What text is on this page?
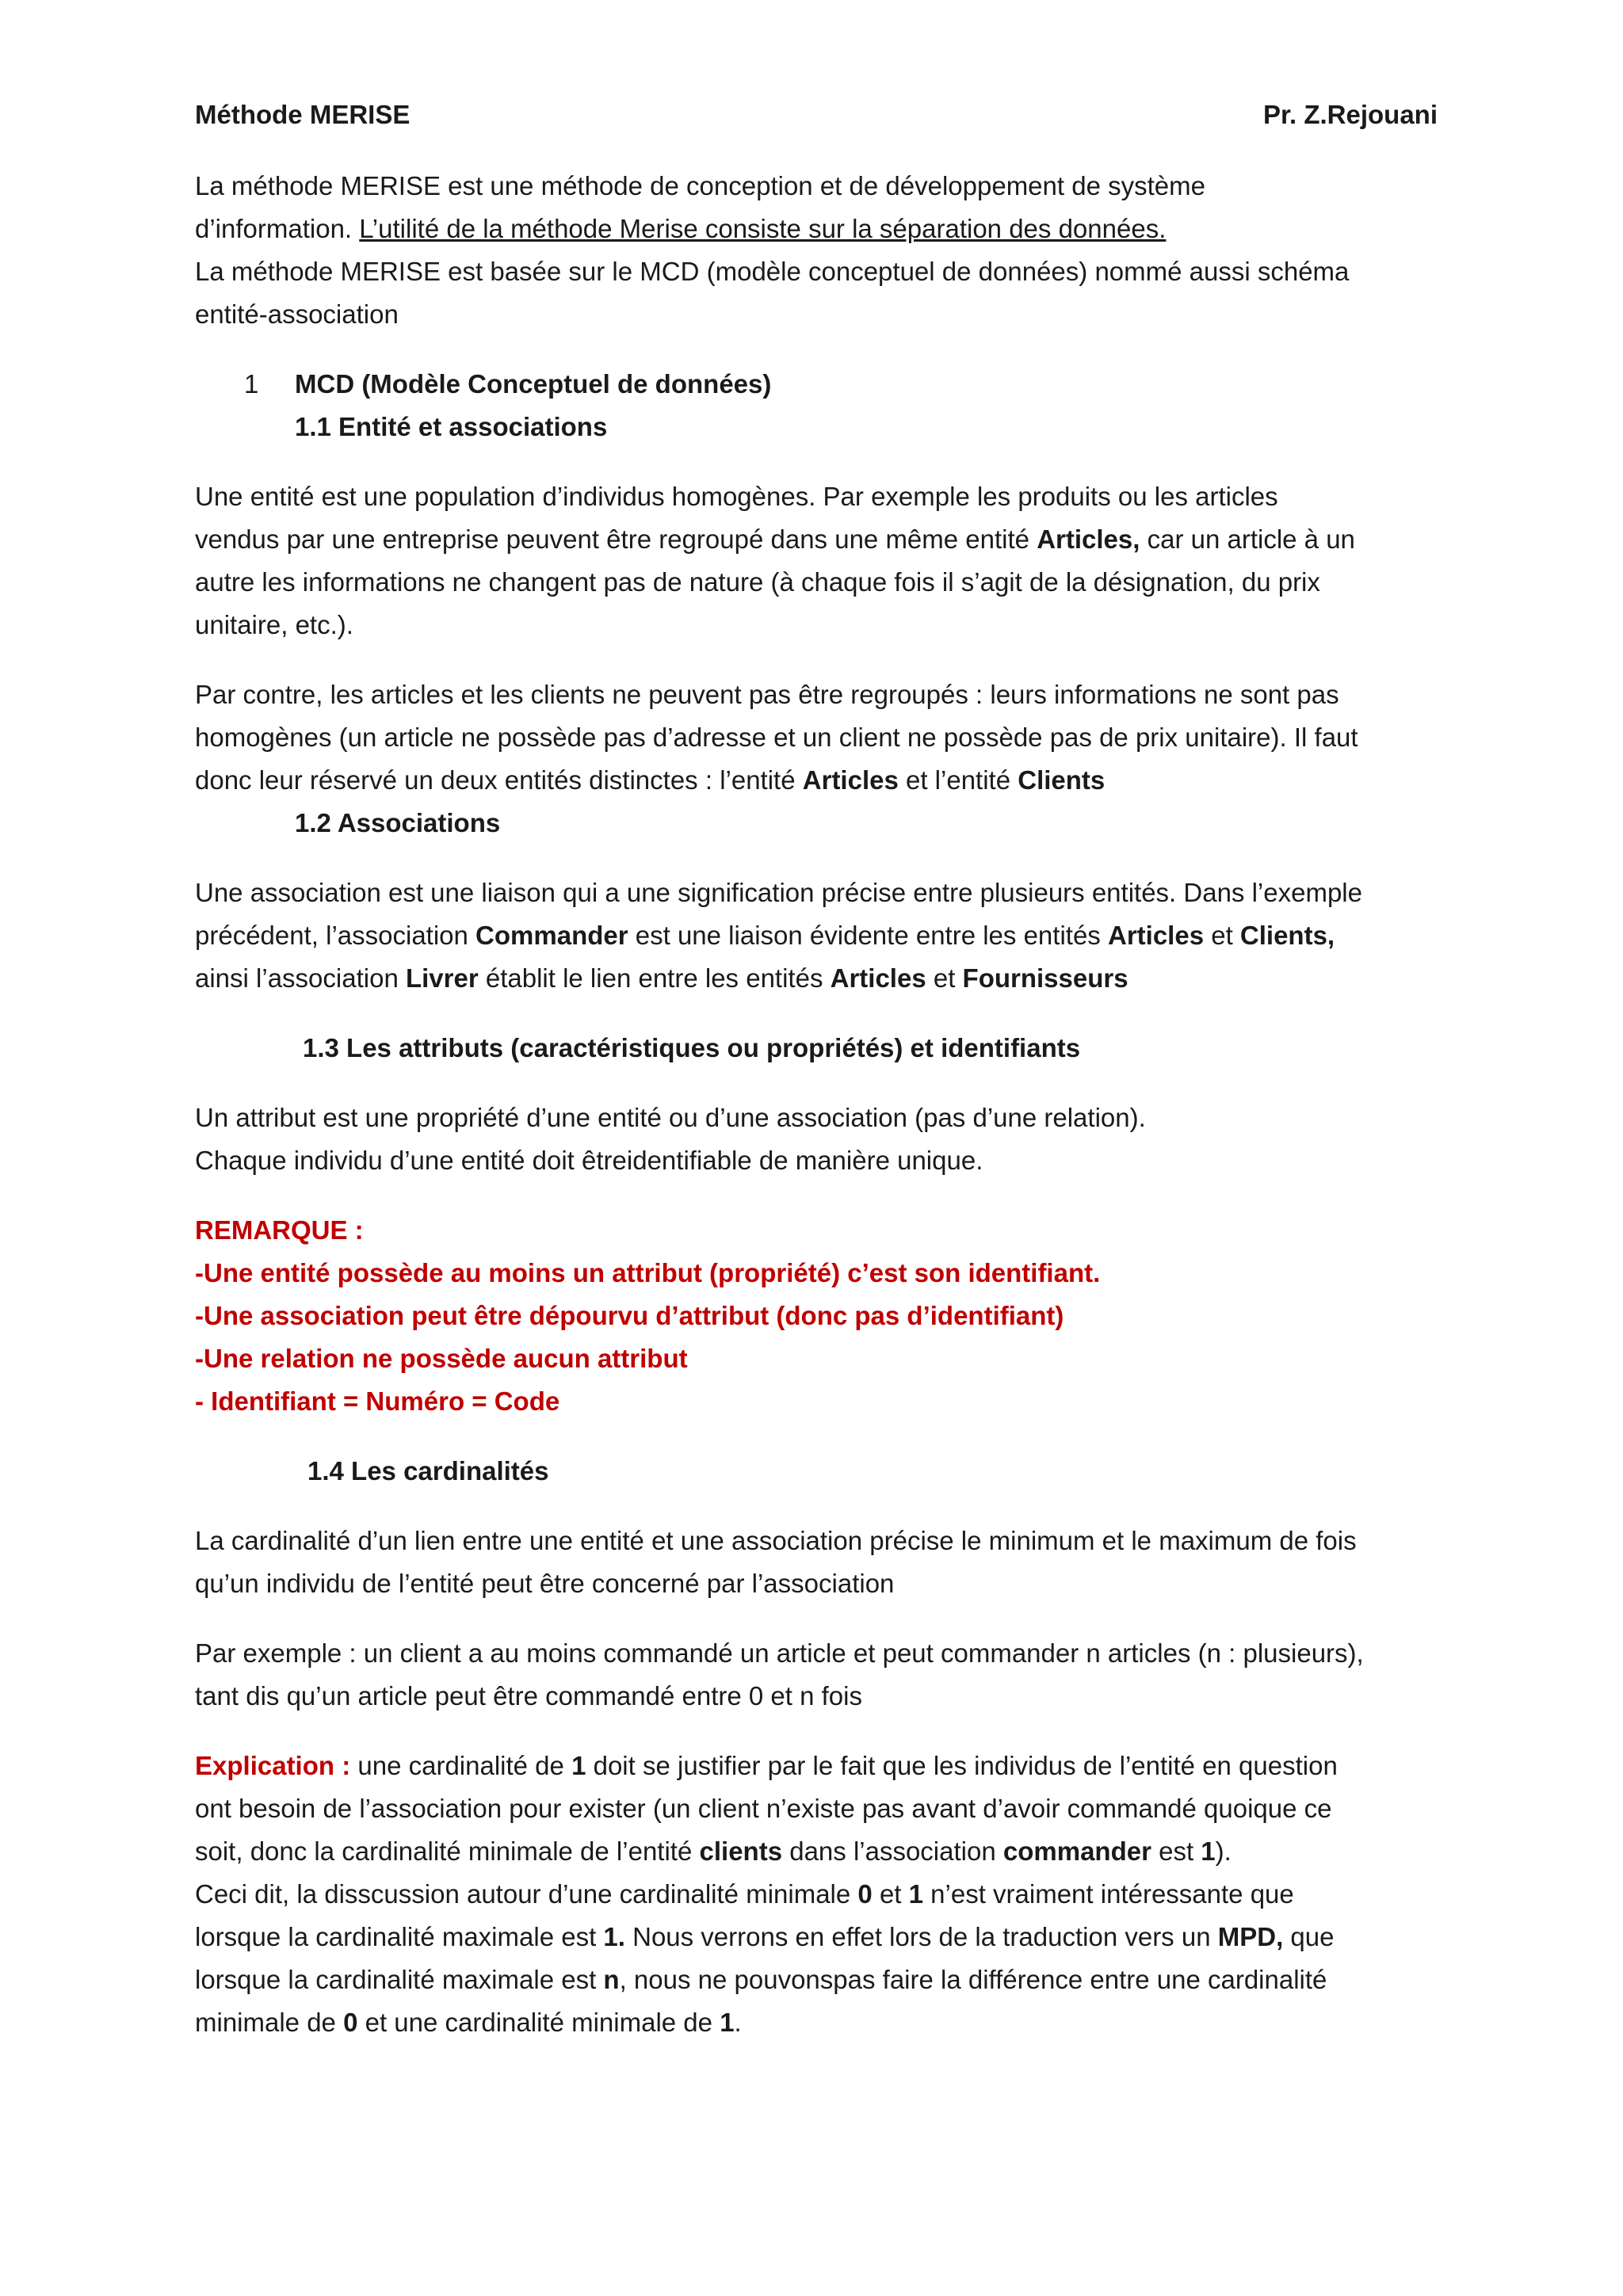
Méthode MERISE	Pr. Z.Rejouani

La méthode MERISE est une méthode de conception et de développement de système

d’information. L’utilité de la méthode Merise consiste sur la séparation des données.

La méthode MERISE est basée sur le MCD (modèle conceptuel de données) nommé aussi schéma

entité-association

1	MCD (Modèle Conceptuel de données)

1.1 Entité et associations

Une entité est une population d’individus homogènes. Par exemple les produits ou les articles

vendus par une entreprise peuvent être regroupé dans une même entité Articles, car un article à un

autre les informations ne changent pas de nature (à chaque fois il s’agit de la désignation, du prix

unitaire, etc.).

Par contre, les articles et les clients ne peuvent pas être regroupés : leurs informations ne sont pas

homogènes (un article ne possède pas d’adresse et un client ne possède pas de prix unitaire). Il faut

donc leur réservé un deux entités distinctes : l’entité Articles et l’entité Clients

1.2 Associations

Une association est une liaison qui a une signification précise entre plusieurs entités. Dans l’exemple

précédent, l’association Commander est une liaison évidente entre les entités Articles et Clients,

ainsi l’association Livrer établit le lien entre les entités Articles et Fournisseurs

1.3 Les attributs (caractéristiques ou propriétés) et identifiants

Un attribut est une propriété d’une entité ou d’une association (pas d’une relation).

Chaque individu d’une entité doit êtreidentifiable de manière unique.

REMARQUE :

-Une entité possède au moins un attribut (propriété) c’est son identifiant.

-Une association peut être dépourvu d’attribut (donc pas d’identifiant)

-Une relation ne possède aucun attribut

- Identifiant = Numéro = Code

1.4 Les cardinalités

La cardinalité d’un lien entre une entité et une association précise le minimum et le maximum de fois

qu’un individu de l’entité peut être concerné par l’association

Par exemple : un client a au moins commandé un article et peut commander n articles (n : plusieurs),

tant dis qu’un article peut être commandé entre 0 et n fois

Explication : une cardinalité de 1 doit se justifier par le fait que les individus de l’entité en question

ont besoin de l’association pour exister (un client n’existe pas avant d’avoir commandé quoique ce

soit, donc la cardinalité minimale de l’entité clients dans l’association commander est 1).

Ceci dit, la disscussion autour d’une cardinalité minimale 0 et 1 n’est vraiment intéressante que

lorsque la cardinalité maximale est 1. Nous verrons en effet lors de la traduction vers un MPD, que

lorsque la cardinalité maximale est n, nous ne pouvonspas faire la différence entre une cardinalité

minimale de 0 et une cardinalité minimale de 1.
